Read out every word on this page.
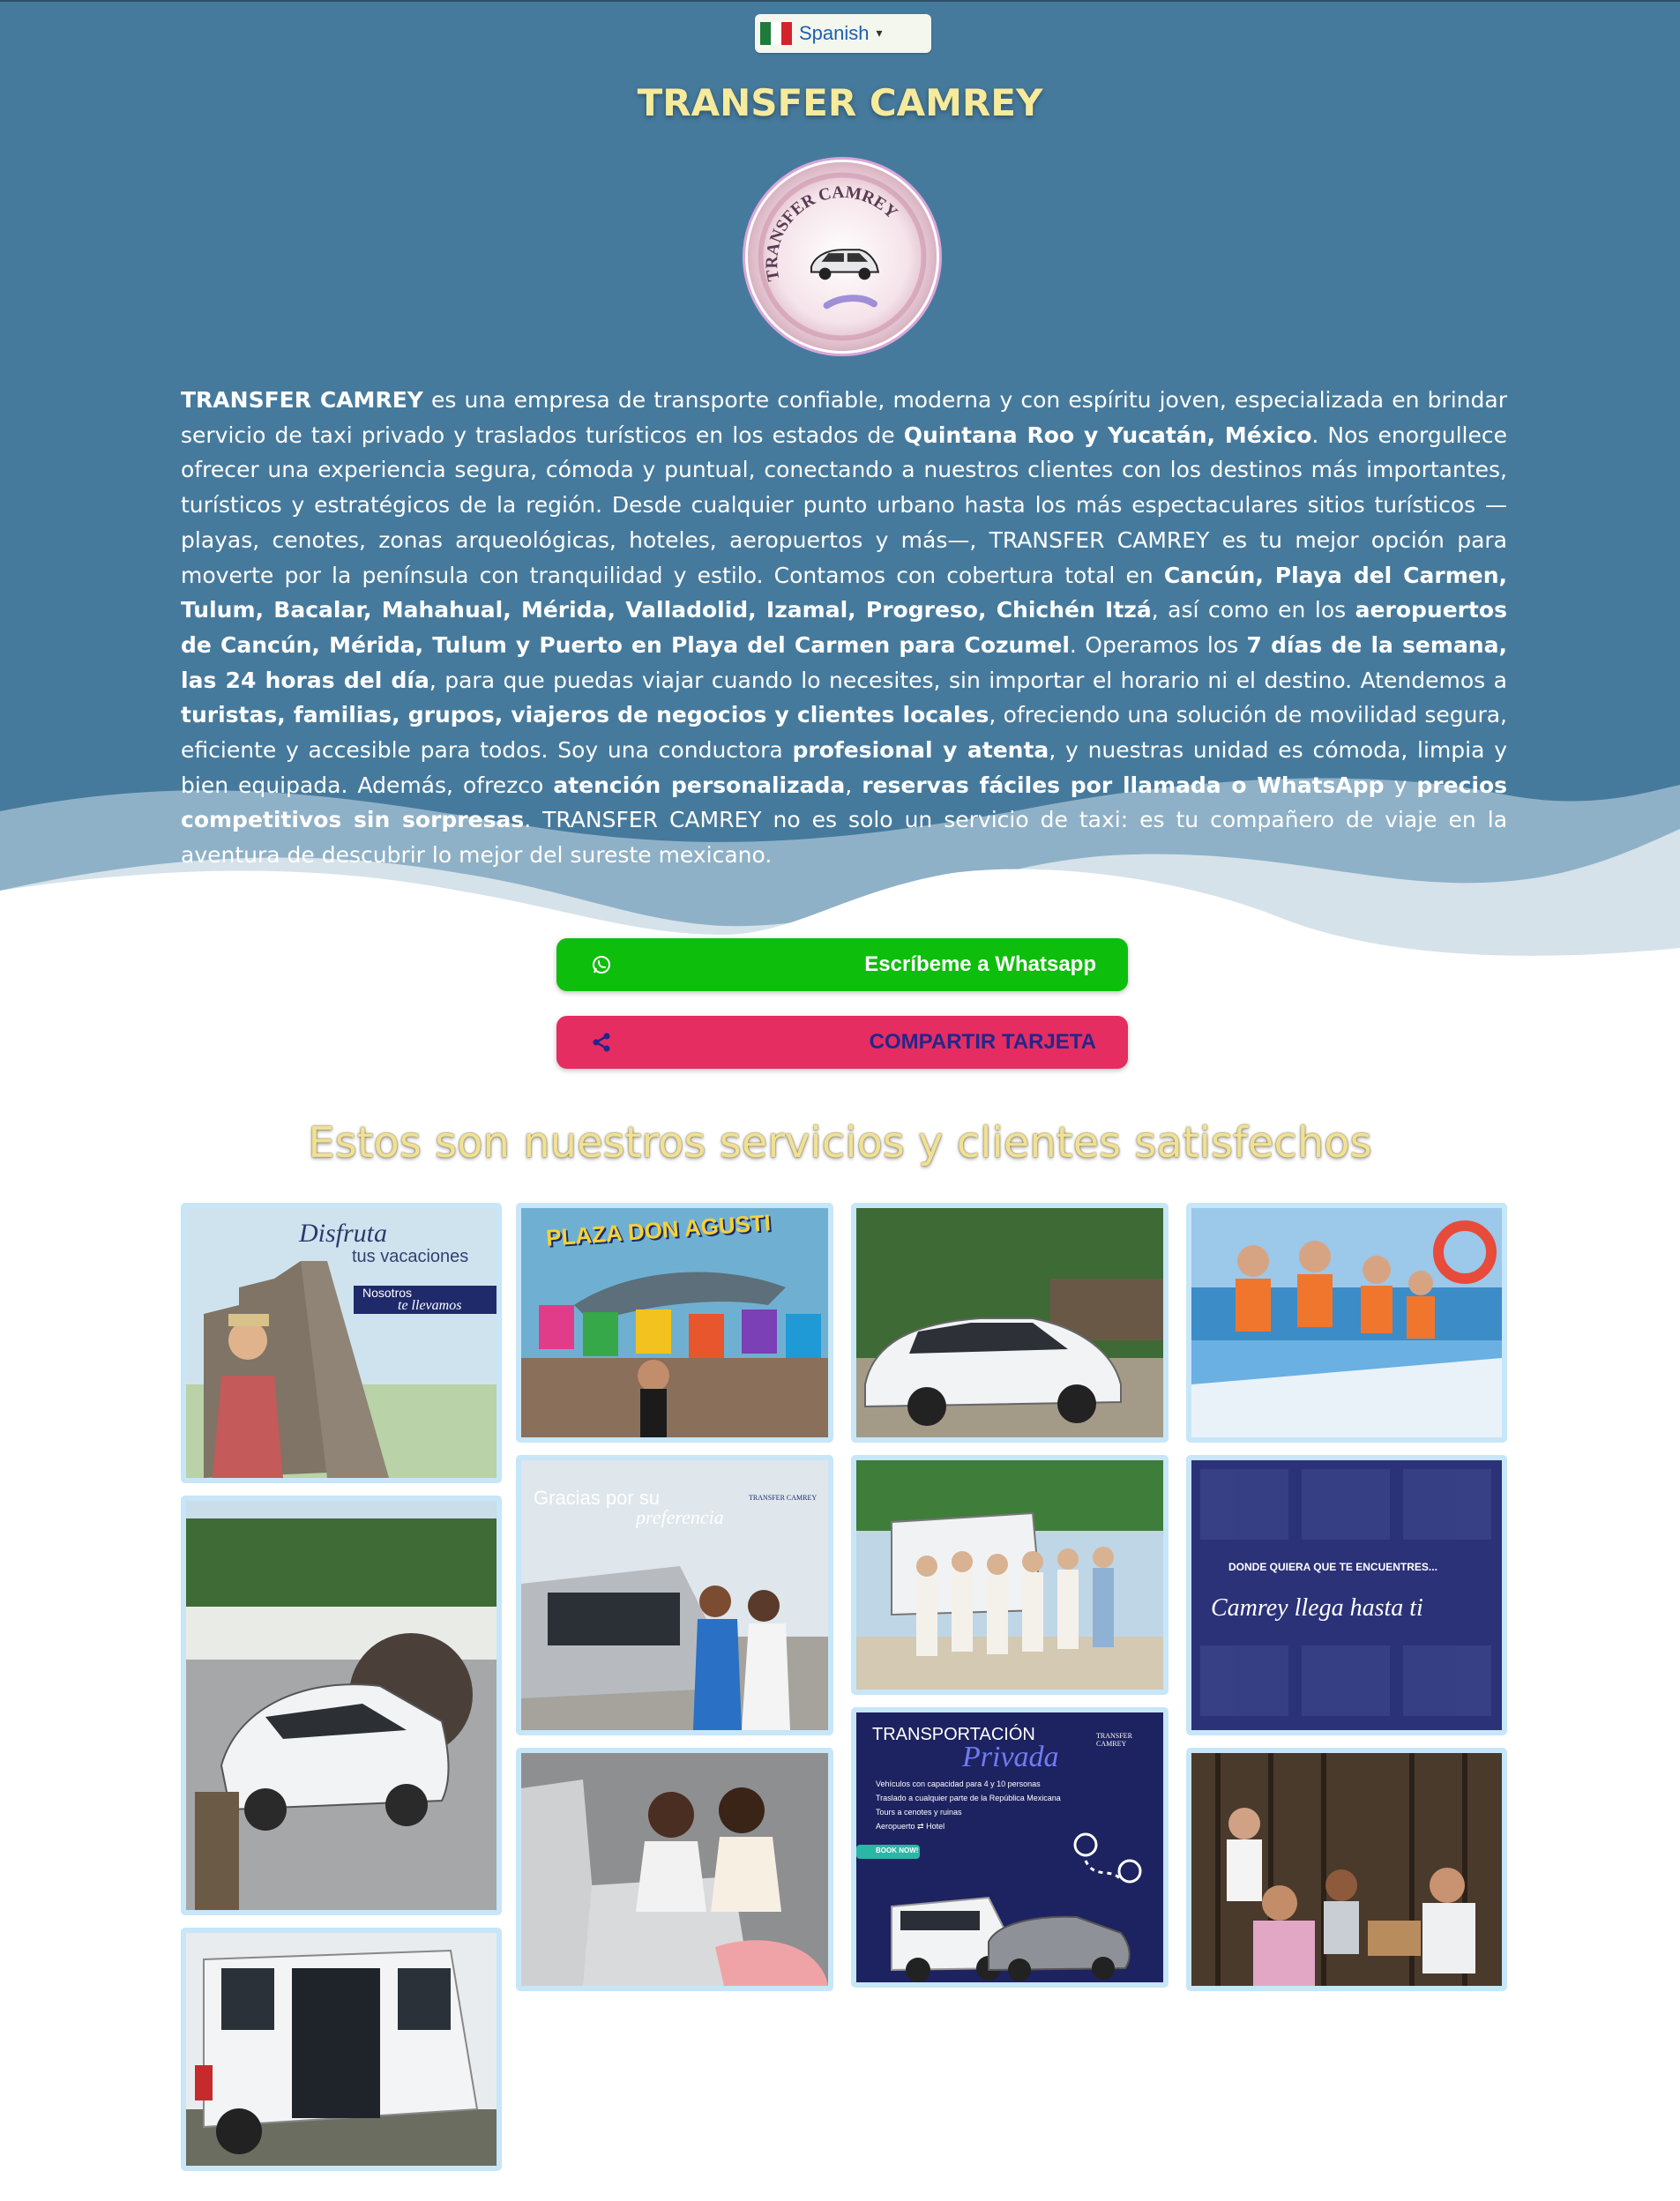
Spanish ▾
TRANSFER CAMREY
TRANSFER CAMREY
TRANSFER CAMREY es una empresa de transporte confiable, moderna y con espíritu joven, especializada en brindar servicio de taxi privado y traslados turísticos en los estados de Quintana Roo y Yucatán, México. Nos enorgullece ofrecer una experiencia segura, cómoda y puntual, conectando a nuestros clientes con los destinos más importantes, turísticos y estratégicos de la región. Desde cualquier punto urbano hasta los más espectaculares sitios turísticos —playas, cenotes, zonas arqueológicas, hoteles, aeropuertos y más—, TRANSFER CAMREY es tu mejor opción para moverte por la península con tranquilidad y estilo. Contamos con cobertura total en Cancún, Playa del Carmen, Tulum, Bacalar, Mahahual, Mérida, Valladolid, Izamal, Progreso, Chichén Itzá, así como en los aeropuertos de Cancún, Mérida, Tulum y Puerto en Playa del Carmen para Cozumel. Operamos los 7 días de la semana, las 24 horas del día, para que puedas viajar cuando lo necesites, sin importar el horario ni el destino. Atendemos a turistas, familias, grupos, viajeros de negocios y clientes locales, ofreciendo una solución de movilidad segura, eficiente y accesible para todos. Soy una conductora profesional y atenta, y nuestras unidad es cómoda, limpia y bien equipada. Además, ofrezco atención personalizada, reservas fáciles por llamada o WhatsApp y precios competitivos sin sorpresas. TRANSFER CAMREY no es solo un servicio de taxi: es tu compañero de viaje en la aventura de descubrir lo mejor del sureste mexicano.
Escríbeme a Whatsapp
COMPARTIR TARJETA
Estos son nuestros servicios y clientes satisfechos
Disfruta
tus vacaciones
Nosotros
te llevamos
PLAZA DON AGUSTI
Gracias por su
preferencia
TRANSFER CAMREY
TRANSPORTACIÓN
Privada
TRANSFER CAMREY
Vehículos con capacidad para 4 y 10 personas
Traslado a cualquier parte de la República Mexicana
Tours a cenotes y ruinas
Aeropuerto ⇄ Hotel
BOOK NOW!
DONDE QUIERA QUE TE ENCUENTRES...
Camrey llega hasta ti
